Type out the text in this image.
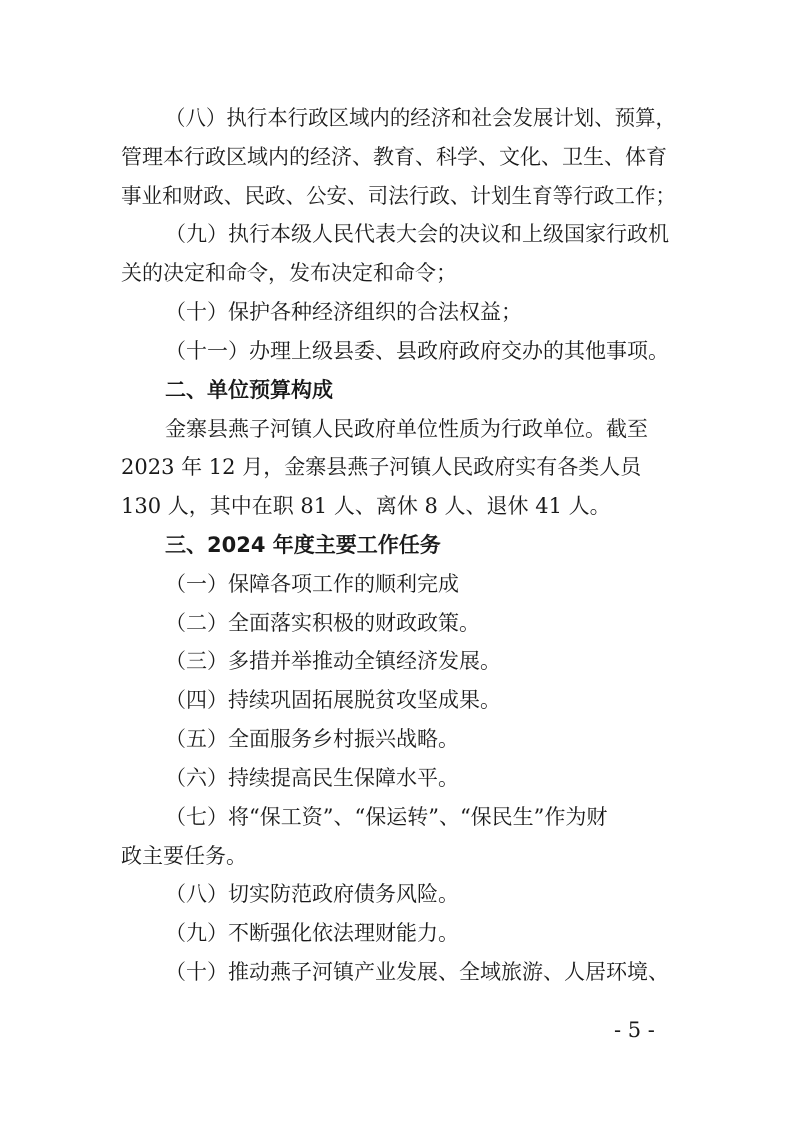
（八）执行本行政区域内的经济和社会发展计划、预算，
管理本行政区域内的经济、教育、科学、文化、卫生、体育
事业和财政、民政、公安、司法行政、计划生育等行政工作；
（九）执行本级人民代表大会的决议和上级国家行政机
关的决定和命令，发布决定和命令；
（十）保护各种经济组织的合法权益；
（十一）办理上级县委、县政府政府交办的其他事项。
二、单位预算构成
金寨县燕子河镇人民政府单位性质为行政单位。截至
2023 年 12 月，金寨县燕子河镇人民政府实有各类人员
130 人，其中在职 81 人、离休 8 人、退休 41 人。
三、2024 年度主要工作任务
（一）保障各项工作的顺利完成
（二）全面落实积极的财政政策。
（三）多措并举推动全镇经济发展。
（四）持续巩固拓展脱贫攻坚成果。
（五）全面服务乡村振兴战略。
（六）持续提高民生保障水平。
（七）将“保工资”、“保运转”、“保民生”作为财
政主要任务。
（八）切实防范政府债务风险。
（九）不断强化依法理财能力。
（十）推动燕子河镇产业发展、全域旅游、人居环境、
- 5 -
